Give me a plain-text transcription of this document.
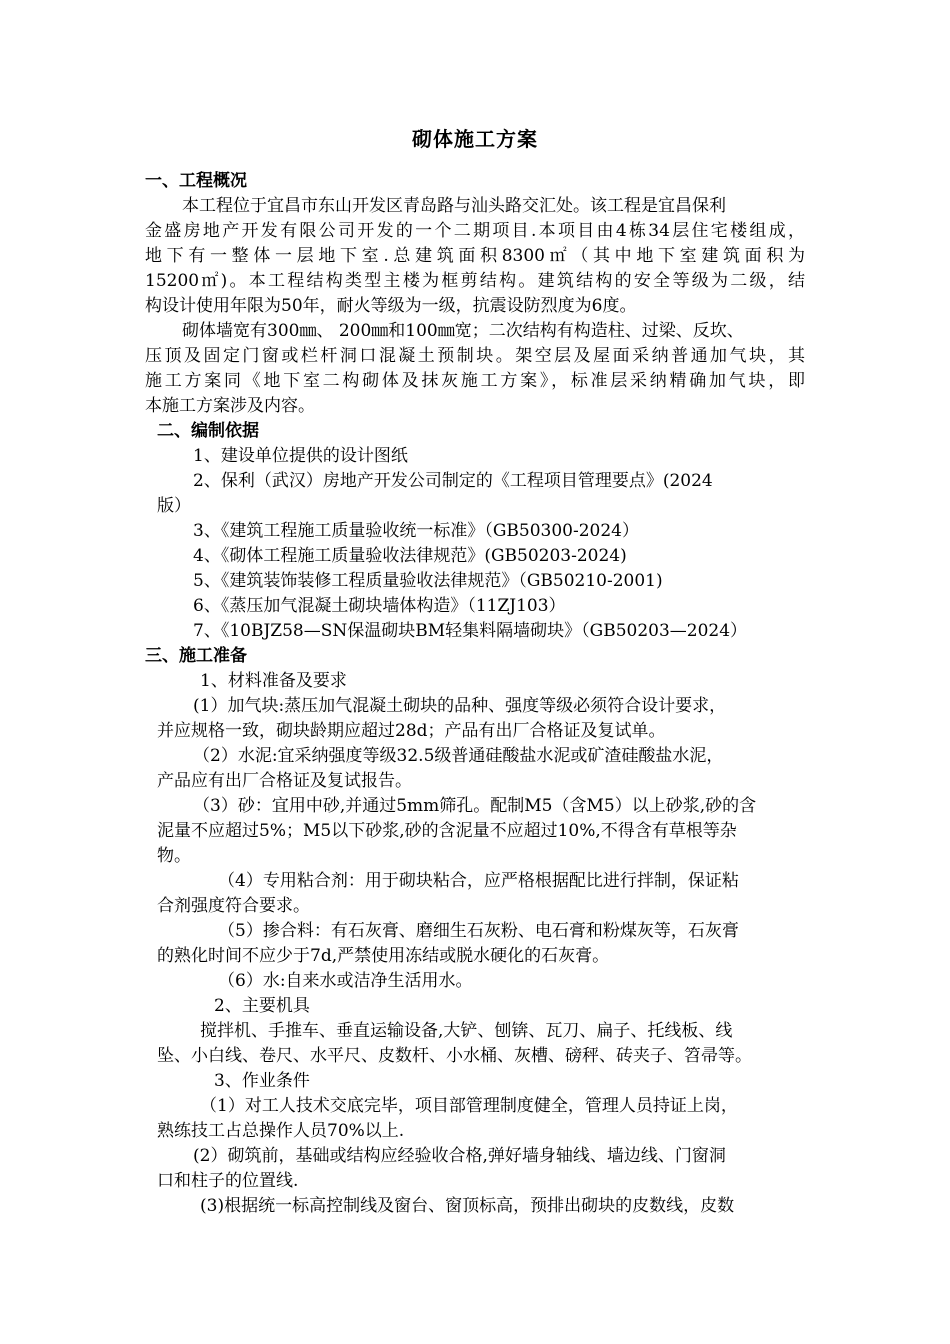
砌体施工方案
一、工程概况
本工程位于宜昌市东山开发区青岛路与汕头路交汇处。该工程是宜昌保利
金盛房地产开发有限公司开发的一个二期项目.本项目由4栋34层住宅楼组成，
地下有一整体一层地下室.总建筑面积8300㎡（其中地下室建筑面积为
15200㎡)。本工程结构类型主楼为框剪结构。建筑结构的安全等级为二级，结
构设计使用年限为50年，耐火等级为一级，抗震设防烈度为6度。
砌体墙宽有300㎜、 200㎜和100㎜宽；二次结构有构造柱、过梁、反坎、
压顶及固定门窗或栏杆洞口混凝土预制块。架空层及屋面采纳普通加气块，其
施工方案同《地下室二构砌体及抹灰施工方案》，标准层采纳精确加气块，即
本施工方案涉及内容。
二、编制依据
1、建设单位提供的设计图纸
2、保利（武汉）房地产开发公司制定的《工程项目管理要点》(2024
版）
3、《建筑工程施工质量验收统一标准》（GB50300-2024）
4、《砌体工程施工质量验收法律规范》(GB50203-2024)
5、《建筑装饰装修工程质量验收法律规范》（GB50210-2001)
6、《蒸压加气混凝土砌块墙体构造》（11ZJ103）
7、《10BJZ58—SN保温砌块BM轻集料隔墙砌块》（GB50203—2024）
三、施工准备
1、材料准备及要求
(1）加气块:蒸压加气混凝土砌块的品种、强度等级必须符合设计要求，
并应规格一致，砌块龄期应超过28d；产品有出厂合格证及复试单。
（2）水泥:宜采纳强度等级32.5级普通硅酸盐水泥或矿渣硅酸盐水泥，
产品应有出厂合格证及复试报告。
（3）砂：宜用中砂,并通过5mm筛孔。配制M5（含M5）以上砂浆,砂的含
泥量不应超过5%；M5以下砂浆,砂的含泥量不应超过10%,不得含有草根等杂
物。
（4）专用粘合剂：用于砌块粘合，应严格根据配比进行拌制，保证粘
合剂强度符合要求。
（5）掺合料：有石灰膏、磨细生石灰粉、电石膏和粉煤灰等，石灰膏
的熟化时间不应少于7d,严禁使用冻结或脱水硬化的石灰膏。
（6）水:自来水或洁净生活用水。
2、主要机具
搅拌机、手推车、垂直运输设备,大铲、刨锛、瓦刀、扁子、托线板、线
坠、小白线、卷尺、水平尺、皮数杆、小水桶、灰槽、磅秤、砖夹子、笤帚等。
3、作业条件
（1）对工人技术交底完毕，项目部管理制度健全，管理人员持证上岗，
熟练技工占总操作人员70%以上.
(2）砌筑前，基础或结构应经验收合格,弹好墙身轴线、墙边线、门窗洞
口和柱子的位置线.
(3)根据统一标高控制线及窗台、窗顶标高，预排出砌块的皮数线，皮数
